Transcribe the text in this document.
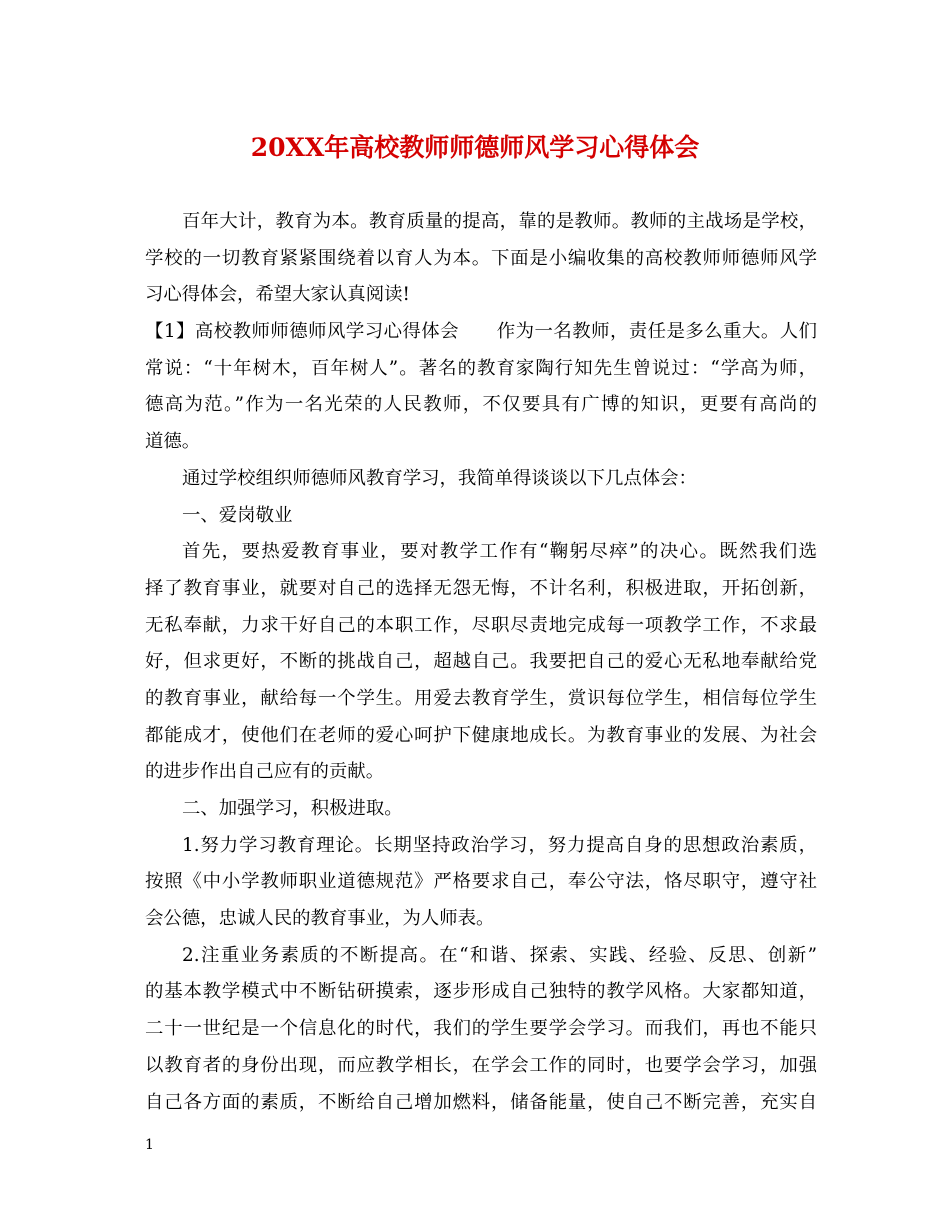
20XX年高校教师师德师风学习心得体会
百年大计，教育为本。教育质量的提高，靠的是教师。教师的主战场是学校，
学校的一切教育紧紧围绕着以育人为本。下面是小编收集的高校教师师德师风学
习心得体会，希望大家认真阅读!
【1】高校教师师德师风学习心得体会　　作为一名教师，责任是多么重大。人们
常说：“十年树木，百年树人”。著名的教育家陶行知先生曾说过：“学高为师，
德高为范。”作为一名光荣的人民教师，不仅要具有广博的知识，更要有高尚的
道德。
通过学校组织师德师风教育学习，我简单得谈谈以下几点体会：
一、爱岗敬业
首先，要热爱教育事业，要对教学工作有“鞠躬尽瘁”的决心。既然我们选
择了教育事业，就要对自己的选择无怨无悔，不计名利，积极进取，开拓创新，
无私奉献，力求干好自己的本职工作，尽职尽责地完成每一项教学工作，不求最
好，但求更好，不断的挑战自己，超越自己。我要把自己的爱心无私地奉献给党
的教育事业，献给每一个学生。用爱去教育学生，赏识每位学生，相信每位学生
都能成才，使他们在老师的爱心呵护下健康地成长。为教育事业的发展、为社会
的进步作出自己应有的贡献。
二、加强学习，积极进取。
1.努力学习教育理论。长期坚持政治学习，努力提高自身的思想政治素质，
按照《中小学教师职业道德规范》严格要求自己，奉公守法，恪尽职守，遵守社
会公德，忠诚人民的教育事业，为人师表。
2.注重业务素质的不断提高。在“和谐、探索、实践、经验、反思、创新”
的基本教学模式中不断钻研摸索，逐步形成自己独特的教学风格。大家都知道，
二十一世纪是一个信息化的时代，我们的学生要学会学习。而我们，再也不能只
以教育者的身份出现，而应教学相长，在学会工作的同时，也要学会学习，加强
自己各方面的素质，不断给自己增加燃料，储备能量，使自己不断完善，充实自
1
